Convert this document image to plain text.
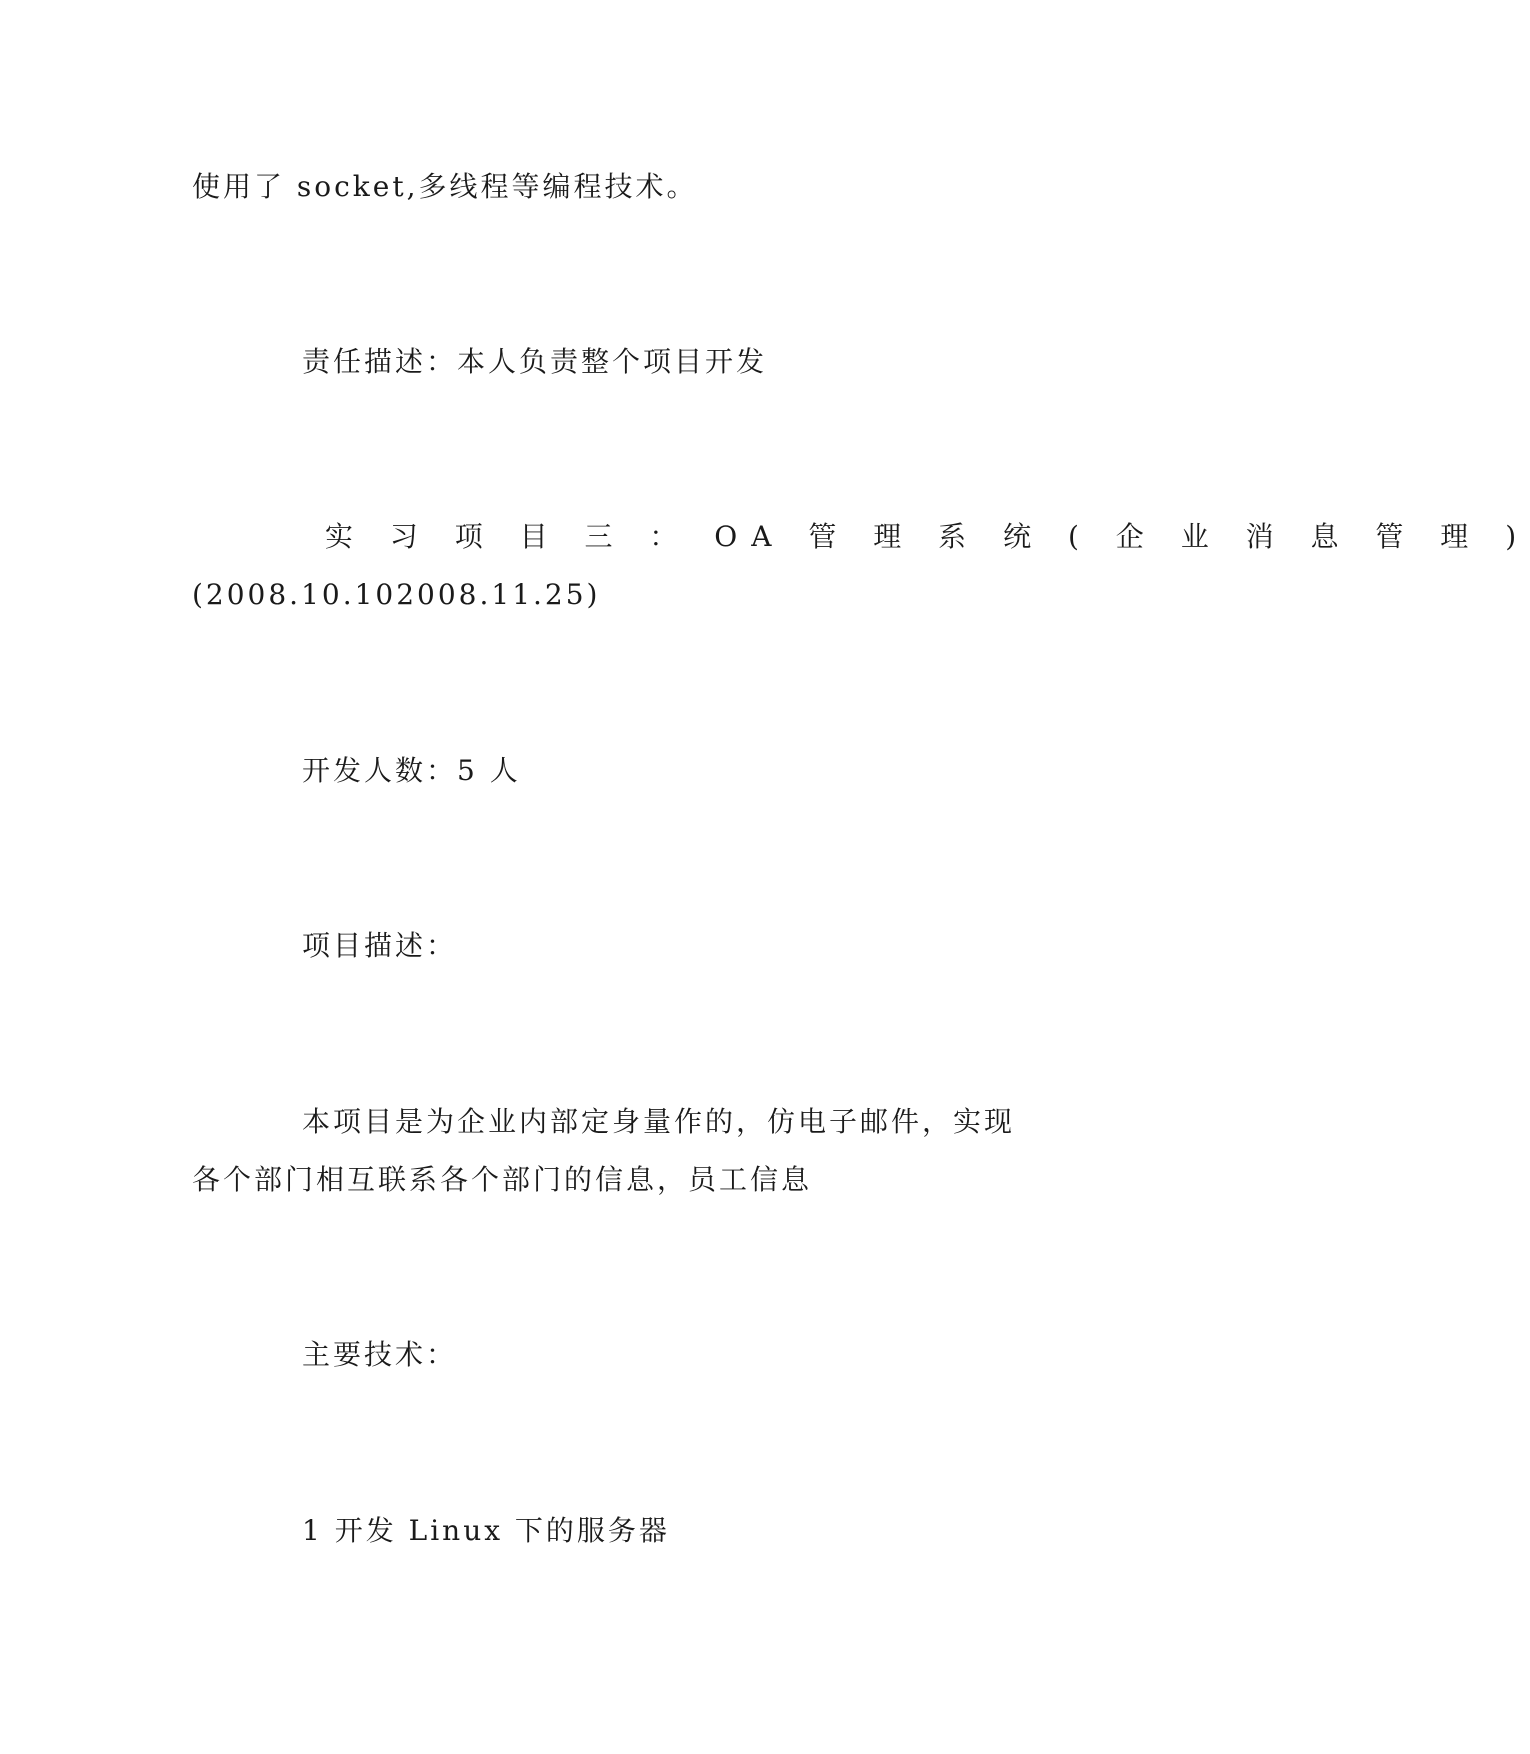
使用了 socket,多线程等编程技术。
责任描述：本人负责整个项目开发
实 习 项 目 三 ： OA 管 理 系 统 ( 企 业 消 息 管 理 )
(2008.10.102008.11.25)
开发人数：5 人
项目描述：
本项目是为企业内部定身量作的，仿电子邮件，实现
各个部门相互联系各个部门的信息，员工信息
主要技术：
1 开发 Linux 下的服务器
